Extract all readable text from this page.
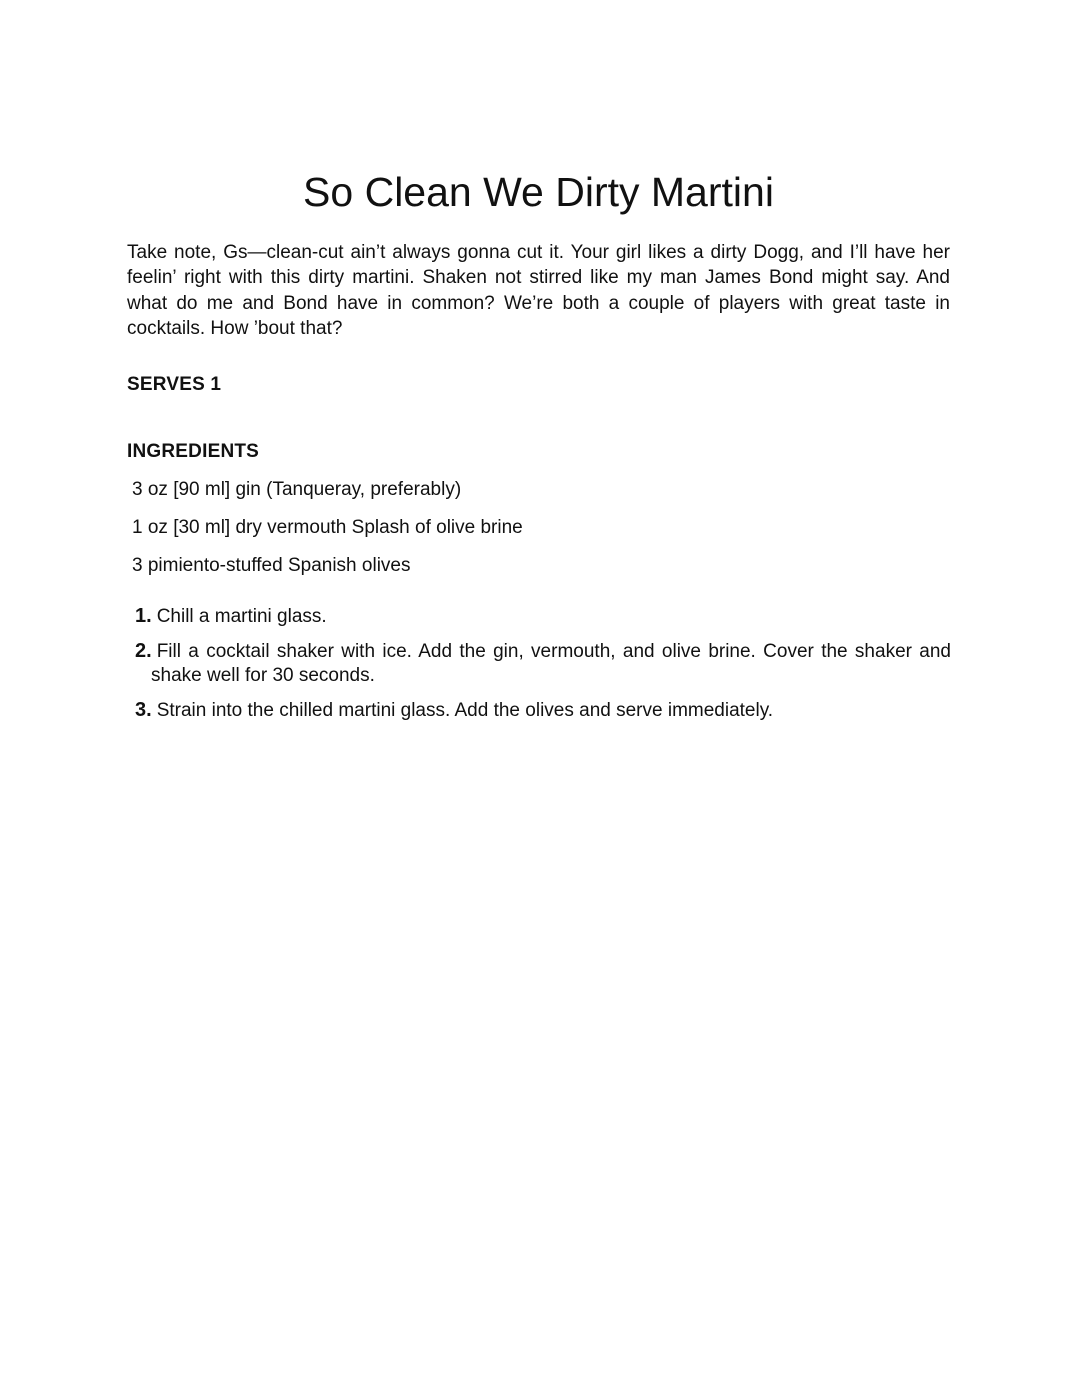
So Clean We Dirty Martini

Take note, Gs—clean-cut ain’t always gonna cut it. Your girl likes a dirty Dogg, and I’ll have her feelin’ right with this dirty martini. Shaken not stirred like my man James Bond might say. And what do me and Bond have in common? We’re both a couple of players with great taste in cocktails. How ’bout that?

SERVES 1
INGREDIENTS
3 oz [90 ml] gin (Tanqueray, preferably)
1 oz [30 ml] dry vermouth Splash of olive brine
3 pimiento-stuffed Spanish olives
1. Chill a martini glass.
2. Fill a cocktail shaker with ice. Add the gin, vermouth, and olive brine. Cover the shaker and shake well for 30 seconds.
3. Strain into the chilled martini glass. Add the olives and serve immediately.
